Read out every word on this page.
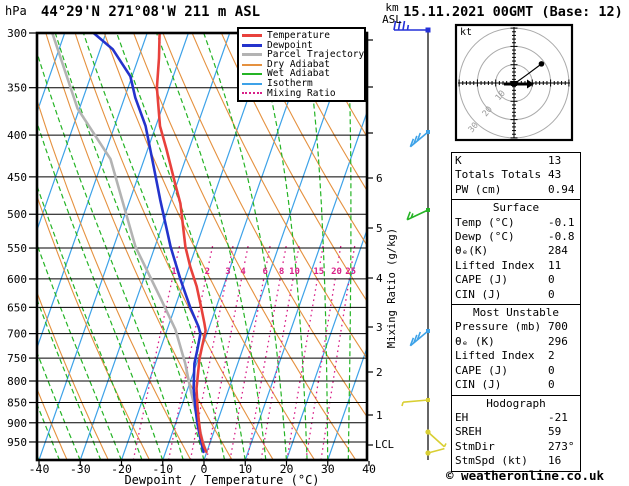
1	2 3 4 6 8 10 15 20 25
-40 -30 -20 -10 0	10 20 30 40
Dewpoint / Temperature (°C)
300
350
400
450
500
550
600
650
700
750
800
850
900
950
6
5
4
3
2
1
10
20
30
hPa	44°29'N 271°08'W 211 m ASL	15.11.2021 00GMT (Base: 12)
km
ASL
Temperature
Dewpoint
Parcel Trajectory
Dry Adiabat
Wet Adiabat
Isotherm
Mixing Ratio
Mixing Ratio (g/kg)
LCL
kt
K	13
Totals Totals 43
PW (cm)	0.94
Surface
Temp (°C)	-0.1
Dewp (°C)	-0.8
θₑ(K)	284
Lifted Index	11
CAPE (J)	0
CIN (J)	0
Most Unstable
Pressure (mb) 700
θₑ (K)	296
Lifted Index	2
CAPE (J)	0
CIN (J)	0
Hodograph
EH	-21
SREH	59
StmDir	273°
StmSpd (kt)	16
© weatheronline.co.uk
